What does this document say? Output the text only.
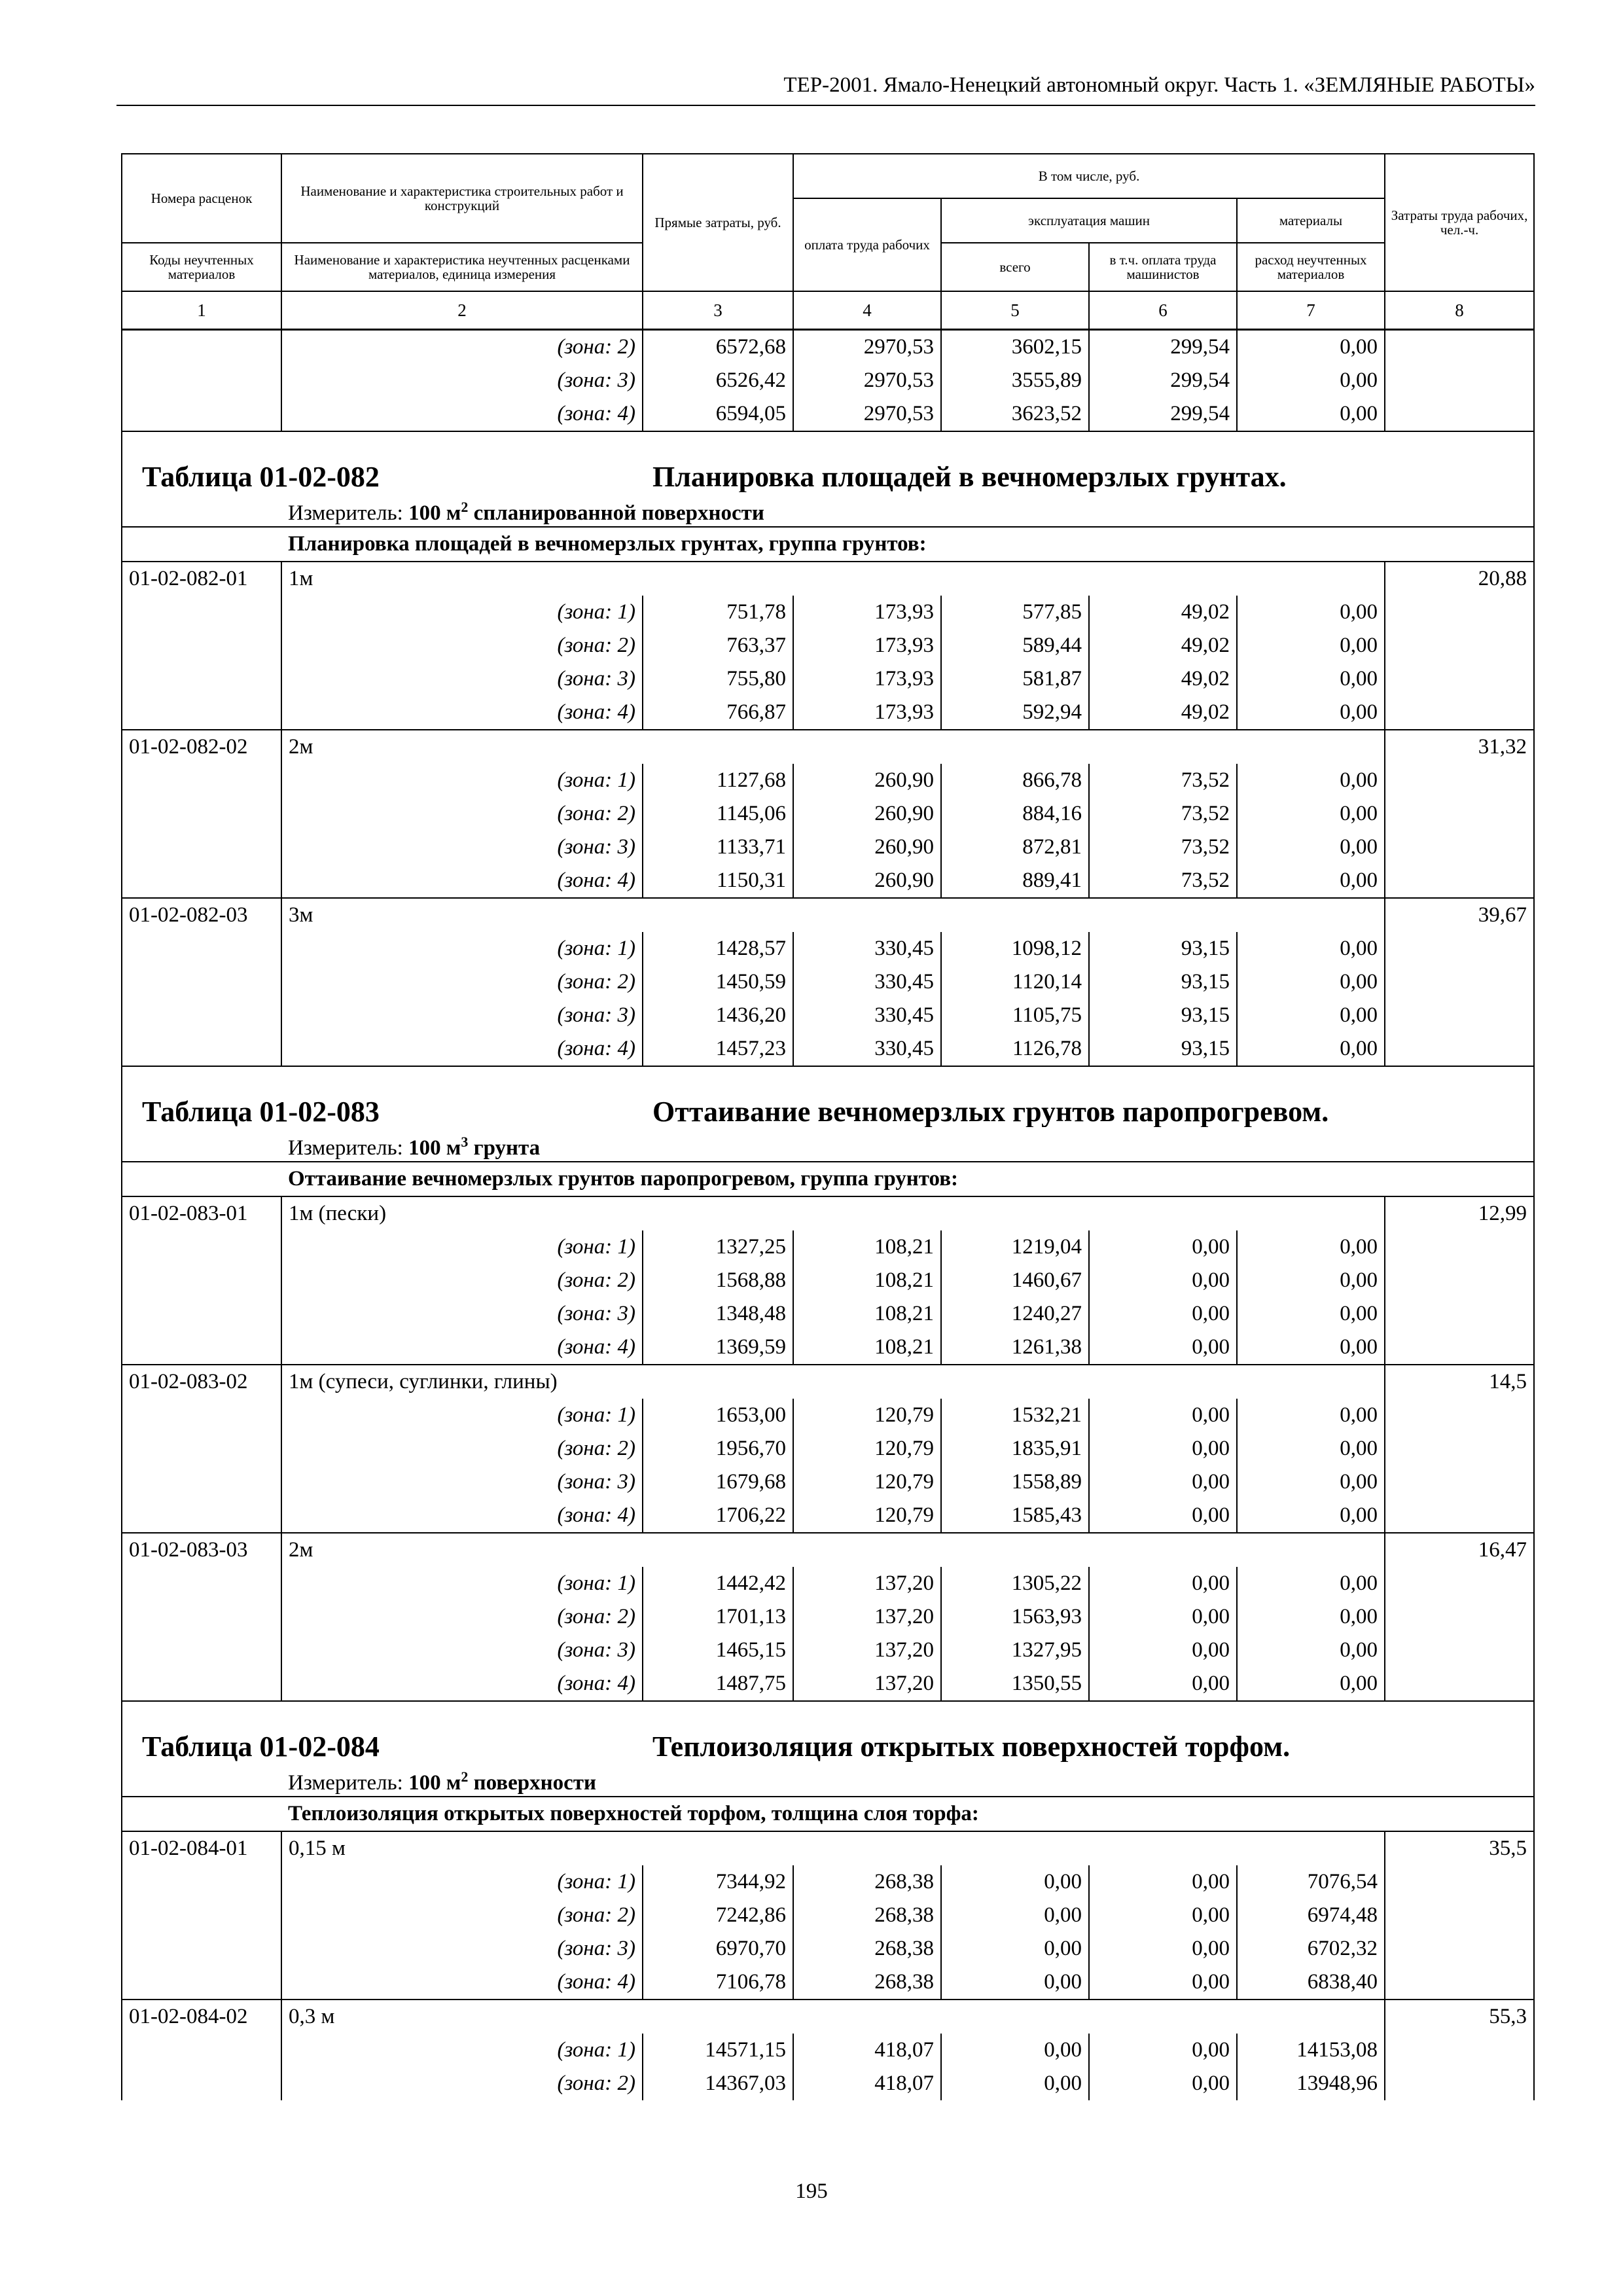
ТЕР-2001. Ямало-Ненецкий автономный округ. Часть 1. «ЗЕМЛЯНЫЕ РАБОТЫ»
Номера расценок	Наименование и характеристика строительных работ и конструкций	Прямые затраты, руб.	В том числе, руб.				Затраты труда рабочих, чел.-ч.
			оплата труда рабочих	эксплуатация машин		материалы	
Коды неучтенных материалов	Наименование и характеристика неучтенных расценками материалов, единица измерения			всего	в т.ч. оплата труда машинистов	расход неучтенных материалов	
1	2	3	4	5	6	7	8
	(зона: 2)	6572,68	2970,53	3602,15	299,54	0,00	
	(зона: 3)	6526,42	2970,53	3555,89	299,54	0,00	
	(зона: 4)	6594,05	2970,53	3623,52	299,54	0,00	

Таблица 01-02-082 Планировка площадей в вечномерзлых грунтах.							
	Измеритель: 100 $м^2$ спланированной поверхности						
	Планировка площадей в вечномерзлых грунтах, группа грунтов:						
01-02-082-01	1м						20,88
	(зона: 1)	751,78	173,93	577,85	49,02	0,00	
	(зона: 2)	763,37	173,93	589,44	49,02	0,00	
	(зона: 3)	755,80	173,93	581,87	49,02	0,00	
	(зона: 4)	766,87	173,93	592,94	49,02	0,00	
01-02-082-02	2м						31,32
	(зона: 1)	1127,68	260,90	866,78	73,52	0,00	
	(зона: 2)	1145,06	260,90	884,16	73,52	0,00	
	(зона: 3)	1133,71	260,90	872,81	73,52	0,00	
	(зона: 4)	1150,31	260,90	889,41	73,52	0,00	
01-02-082-03	3м						39,67
	(зона: 1)	1428,57	330,45	1098,12	93,15	0,00	
	(зона: 2)	1450,59	330,45	1120,14	93,15	0,00	
	(зона: 3)	1436,20	330,45	1105,75	93,15	0,00	
	(зона: 4)	1457,23	330,45	1126,78	93,15	0,00	

Таблица 01-02-083 Оттаивание вечномерзлых грунтов паропрогревом.							
	Измеритель: 100 $м^3$ грунта						
	Оттаивание вечномерзлых грунтов паропрогревом, группа грунтов:						
01-02-083-01	1м (пески)						12,99
	(зона: 1)	1327,25	108,21	1219,04	0,00	0,00	
	(зона: 2)	1568,88	108,21	1460,67	0,00	0,00	
	(зона: 3)	1348,48	108,21	1240,27	0,00	0,00	
	(зона: 4)	1369,59	108,21	1261,38	0,00	0,00	
01-02-083-02	1м (супеси, суглинки, глины)						14,5
	(зона: 1)	1653,00	120,79	1532,21	0,00	0,00	
	(зона: 2)	1956,70	120,79	1835,91	0,00	0,00	
	(зона: 3)	1679,68	120,79	1558,89	0,00	0,00	
	(зона: 4)	1706,22	120,79	1585,43	0,00	0,00	
01-02-083-03	2м						16,47
	(зона: 1)	1442,42	137,20	1305,22	0,00	0,00	
	(зона: 2)	1701,13	137,20	1563,93	0,00	0,00	
	(зона: 3)	1465,15	137,20	1327,95	0,00	0,00	
	(зона: 4)	1487,75	137,20	1350,55	0,00	0,00	

Таблица 01-02-084 Теплоизоляция открытых поверхностей торфом.							
	Измеритель: 100 $м^2$ поверхности						
	Теплоизоляция открытых поверхностей торфом, толщина слоя торфа:						
01-02-084-01	0,15 м						35,5
	(зона: 1)	7344,92	268,38	0,00	0,00	7076,54	
	(зона: 2)	7242,86	268,38	0,00	0,00	6974,48	
	(зона: 3)	6970,70	268,38	0,00	0,00	6702,32	
	(зона: 4)	7106,78	268,38	0,00	0,00	6838,40	
01-02-084-02	0,3 м						55,3
	(зона: 1)	14571,15	418,07	0,00	0,00	14153,08	
	(зона: 2)	14367,03	418,07	0,00	0,00	13948,96	
195
